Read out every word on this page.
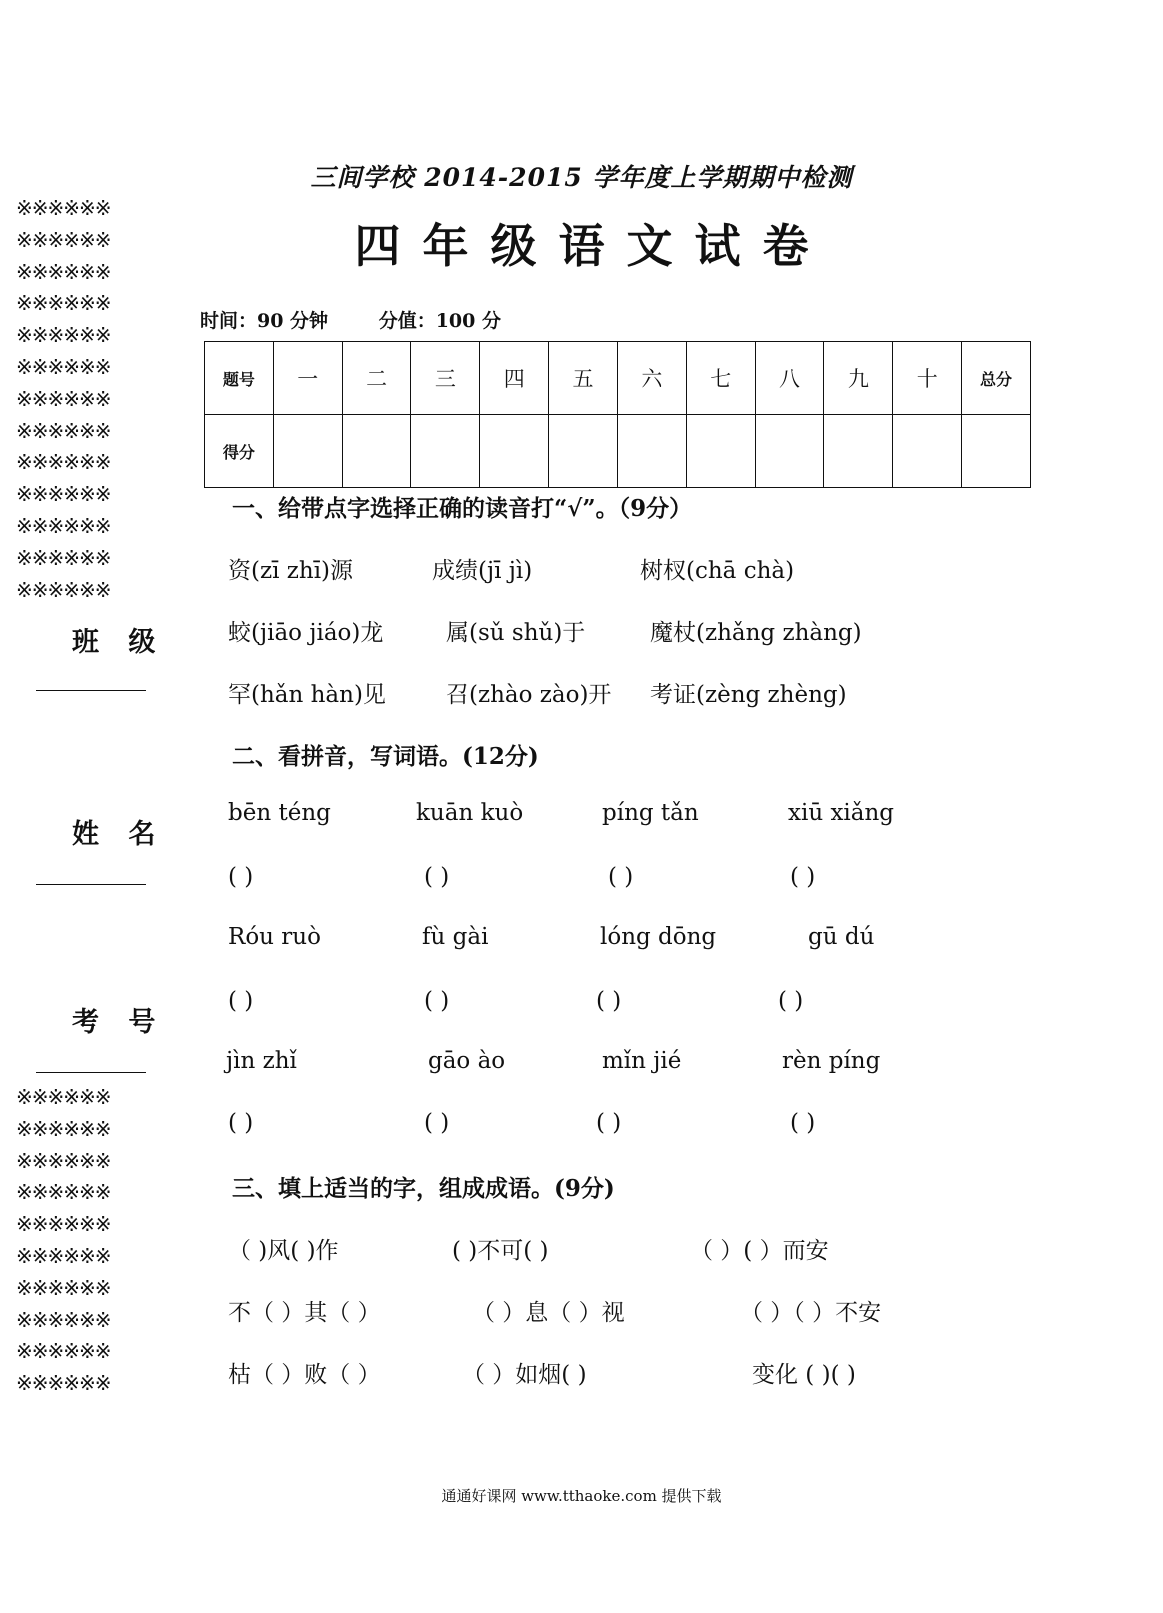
※※※※※※
※※※※※※
※※※※※※
※※※※※※
※※※※※※
※※※※※※
※※※※※※
※※※※※※
※※※※※※
※※※※※※
※※※※※※
※※※※※※
※※※※※※
班 级
姓 名
考 号
※※※※※※
※※※※※※
※※※※※※
※※※※※※
※※※※※※
※※※※※※
※※※※※※
※※※※※※
※※※※※※
※※※※※※
三间学校 2014-2015 学年度上学期期中检测
四年级语文试卷
时间：90 分钟	分值：100 分
题号	一	二	三	四	五	六	七	八	九	十	总分
得分											
一、给带点字选择正确的读音打“√”。（9分）
资(zī zhī)源	成绩(jī jì)	树杈(chā chà)
蛟(jiāo jiáo)龙	属(sǔ shǔ)于	魔杖(zhǎng zhàng)
罕(hǎn hàn)见	召(zhào zào)开 考证(zèng zhèng)
二、看拼音，写词语。(12分)
bēn téng	kuān kuò	píng tǎn	xiū xiǎng
( )	( )	( )	( )
Róu ruò	fù gài	lóng dōng	gū dú
( )	( )	( )	( )
jìn zhǐ	gāo ào	mǐn jié	rèn píng
( )	( )	( )	( )
三、填上适当的字，组成成语。(9分)
（ )风( )作	( )不可( )	（ ）( ）而安
不（ ）其（ ）	（ ）息（ ）视	（ ）（ ）不安
枯（ ）败（ ）	（ ）如烟( )	变化 ( )( )
通通好课网 www.tthaoke.com 提供下载
